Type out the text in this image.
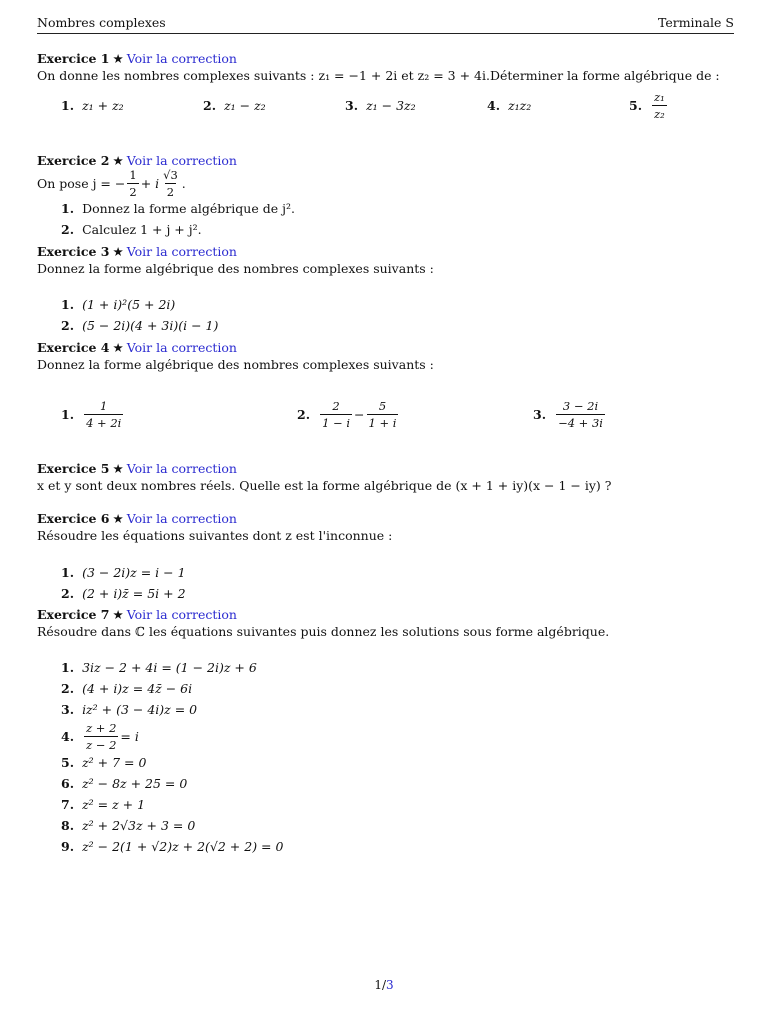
Nombres complexes	Terminale S
Exercice 1 ★ Voir la correction
On donne les nombres complexes suivants : z₁ = −1 + 2i et z₂ = 3 + 4i.Déterminer la forme algébrique de :
1. z₁ + z₂	2. z₁ − z₂	3. z₁ − 3z₂	4. z₁z₂	5. $\frac{\text{z₁}}{\text{z₂}}$
Exercice 2 ★ Voir la correction
On pose j = − $\frac{1}{2} + i \frac{√3}{2}$ .
1. Donnez la forme algébrique de j².
2. Calculez 1 + j + j².
Exercice 3 ★ Voir la correction
Donnez la forme algébrique des nombres complexes suivants :
1. (1 + i)²(5 + 2i)
2. (5 − 2i)(4 + 3i)(i − 1)
Exercice 4 ★ Voir la correction
Donnez la forme algébrique des nombres complexes suivants :
1. $\frac{1}{4 + 2i}$	2. $\frac{2}{1 - i} - \frac{5}{1 + i}$	3. $\frac{3 - 2i}{-4 + 3i}$
Exercice 5 ★ Voir la correction
x et y sont deux nombres réels. Quelle est la forme algébrique de (x + 1 + iy)(x − 1 − iy) ?
Exercice 6 ★ Voir la correction
Résoudre les équations suivantes dont z est l'inconnue :
1. (3 − 2i)z = i − 1
2. (2 + i)z̄ = 5i + 2
Exercice 7 ★ Voir la correction
Résoudre dans ℂ les équations suivantes puis donnez les solutions sous forme algébrique.
1. 3iz − 2 + 4i = (1 − 2i)z + 6
2. (4 + i)z = 4z̄ − 6i
3. iz² + (3 − 4i)z = 0
4. $\frac{z + 2}{z - 2} = i$
5. z² + 7 = 0
6. z² − 8z + 25 = 0
7. z² = z + 1
8. z² + 2√3z + 3 = 0
9. z² − 2(1 + √2)z + 2(√2 + 2) = 0
1/3
